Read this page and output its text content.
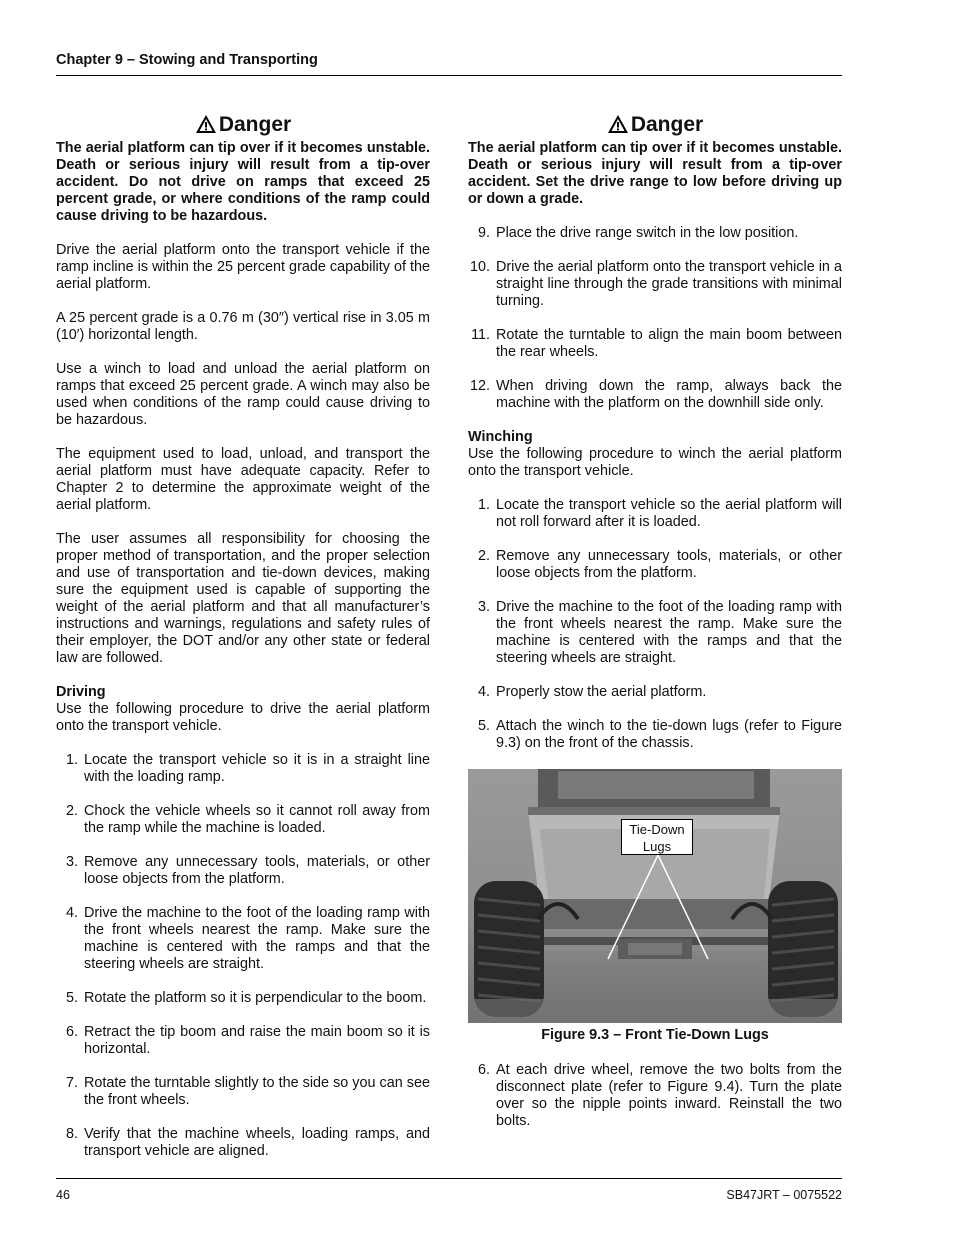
Chapter 9 – Stowing and Transporting
Danger
The aerial platform can tip over if it becomes unstable. Death or serious injury will result from a tip-over accident. Do not drive on ramps that exceed 25 percent grade, or where conditions of the ramp could cause driving to be hazardous.

Drive the aerial platform onto the transport vehicle if the ramp incline is within the 25 percent grade capability of the aerial platform.

A 25 percent grade is a 0.76 m (30″) vertical rise in 3.05 m (10′) horizontal length.

Use a winch to load and unload the aerial platform on ramps that exceed 25 percent grade. A winch may also be used when conditions of the ramp could cause driving to be hazardous.

The equipment used to load, unload, and transport the aerial platform must have adequate capacity. Refer to Chapter 2 to determine the approximate weight of the aerial platform.

The user assumes all responsibility for choosing the proper method of transportation, and the proper selection and use of transportation and tie-down devices, making sure the equipment used is capable of supporting the weight of the aerial platform and that all manufacturer’s instructions and warnings, regulations and safety rules of their employer, the DOT and/or any other state or federal law are followed.

Driving

Use the following procedure to drive the aerial platform onto the transport vehicle.

1. Locate the transport vehicle so it is in a straight line with the loading ramp.
2. Chock the vehicle wheels so it cannot roll away from the ramp while the machine is loaded.
3. Remove any unnecessary tools, materials, or other loose objects from the platform.
4. Drive the machine to the foot of the loading ramp with the front wheels nearest the ramp. Make sure the machine is centered with the ramps and that the steering wheels are straight.
5. Rotate the platform so it is perpendicular to the boom.
6. Retract the tip boom and raise the main boom so it is horizontal.
7. Rotate the turntable slightly to the side so you can see the front wheels.
8. Verify that the machine wheels, loading ramps, and transport vehicle are aligned.
Danger
The aerial platform can tip over if it becomes unstable. Death or serious injury will result from a tip-over accident. Set the drive range to low before driving up or down a grade.
9. Place the drive range switch in the low position.
10. Drive the aerial platform onto the transport vehicle in a straight line through the grade transitions with minimal turning.
11. Rotate the turntable to align the main boom between the rear wheels.
12. When driving down the ramp, always back the machine with the platform on the downhill side only.
Winching

Use the following procedure to winch the aerial platform onto the transport vehicle.

1. Locate the transport vehicle so the aerial platform will not roll forward after it is loaded.
2. Remove any unnecessary tools, materials, or other loose objects from the platform.
3. Drive the machine to the foot of the loading ramp with the front wheels nearest the ramp. Make sure the machine is centered with the ramps and that the steering wheels are straight.
4. Properly stow the aerial platform.
5. Attach the winch to the tie-down lugs (refer to Figure 9.3) on the front of the chassis.
Tie-Down
Lugs
Figure 9.3 – Front Tie-Down Lugs
6. At each drive wheel, remove the two bolts from the disconnect plate (refer to Figure 9.4). Turn the plate over so the nipple points inward. Reinstall the two bolts.
46	SB47JRT – 0075522
